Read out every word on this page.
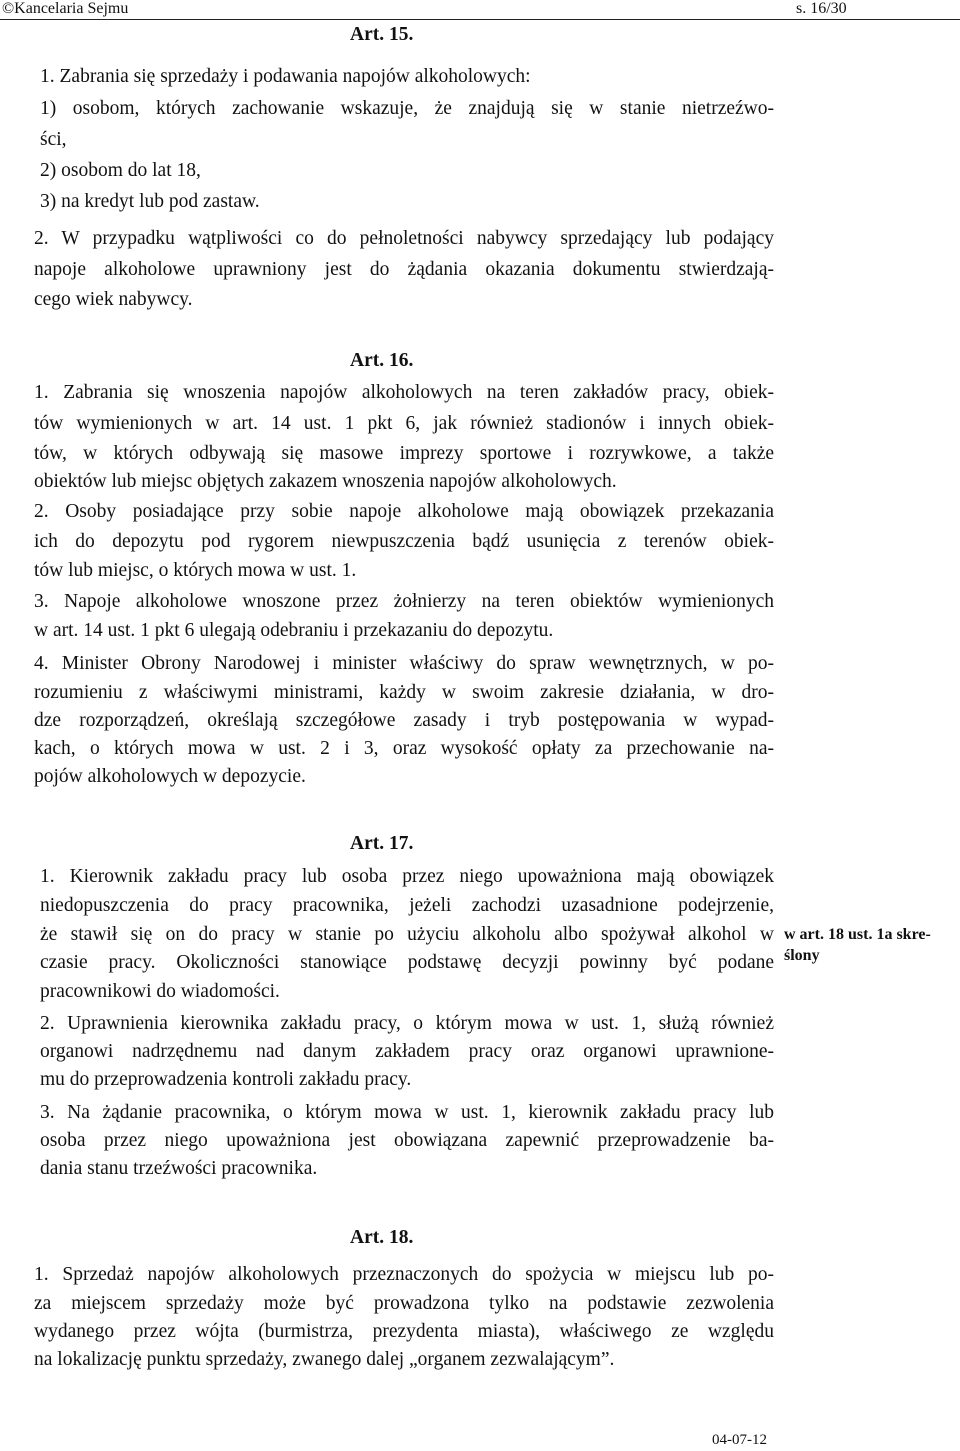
©Kancelaria Sejmu	s. 16/30
Art. 15.
1. Zabrania się sprzedaży i podawania napojów alkoholowych:
1) osobom, których zachowanie wskazuje, że znajdują się w stanie nietrzeźwo-
ści,
2) osobom do lat 18,
3) na kredyt lub pod zastaw.
2. W przypadku wątpliwości co do pełnoletności nabywcy sprzedający lub podający
napoje alkoholowe uprawniony jest do żądania okazania dokumentu stwierdzają-
cego wiek nabywcy.
Art. 16.
1. Zabrania się wnoszenia napojów alkoholowych na teren zakładów pracy, obiek-
tów wymienionych w art. 14 ust. 1 pkt 6, jak również stadionów i innych obiek-
tów, w których odbywają się masowe imprezy sportowe i rozrywkowe, a także
obiektów lub miejsc objętych zakazem wnoszenia napojów alkoholowych.
2. Osoby posiadające przy sobie napoje alkoholowe mają obowiązek przekazania
ich do depozytu pod rygorem niewpuszczenia bądź usunięcia z terenów obiek-
tów lub miejsc, o których mowa w ust. 1.
3. Napoje alkoholowe wnoszone przez żołnierzy na teren obiektów wymienionych
w art. 14 ust. 1 pkt 6 ulegają odebraniu i przekazaniu do depozytu.
4. Minister Obrony Narodowej i minister właściwy do spraw wewnętrznych, w po-
rozumieniu z właściwymi ministrami, każdy w swoim zakresie działania, w dro-
dze rozporządzeń, określają szczegółowe zasady i tryb postępowania w wypad-
kach, o których mowa w ust. 2 i 3, oraz wysokość opłaty za przechowanie na-
pojów alkoholowych w depozycie.
Art. 17.
1. Kierownik zakładu pracy lub osoba przez niego upoważniona mają obowiązek
niedopuszczenia do pracy pracownika, jeżeli zachodzi uzasadnione podejrzenie,
że stawił się on do pracy w stanie po użyciu alkoholu albo spożywał alkohol w
czasie pracy. Okoliczności stanowiące podstawę decyzji powinny być podane
pracownikowi do wiadomości.
2. Uprawnienia kierownika zakładu pracy, o którym mowa w ust. 1, służą również
organowi nadrzędnemu nad danym zakładem pracy oraz organowi uprawnione-
mu do przeprowadzenia kontroli zakładu pracy.
3. Na żądanie pracownika, o którym mowa w ust. 1, kierownik zakładu pracy lub
osoba przez niego upoważniona jest obowiązana zapewnić przeprowadzenie ba-
dania stanu trzeźwości pracownika.
w art. 18 ust. 1a skre-
ślony
Art. 18.
1. Sprzedaż napojów alkoholowych przeznaczonych do spożycia w miejscu lub po-
za miejscem sprzedaży może być prowadzona tylko na podstawie zezwolenia
wydanego przez wójta (burmistrza, prezydenta miasta), właściwego ze względu
na lokalizację punktu sprzedaży, zwanego dalej „organem zezwalającym”.
04-07-12
